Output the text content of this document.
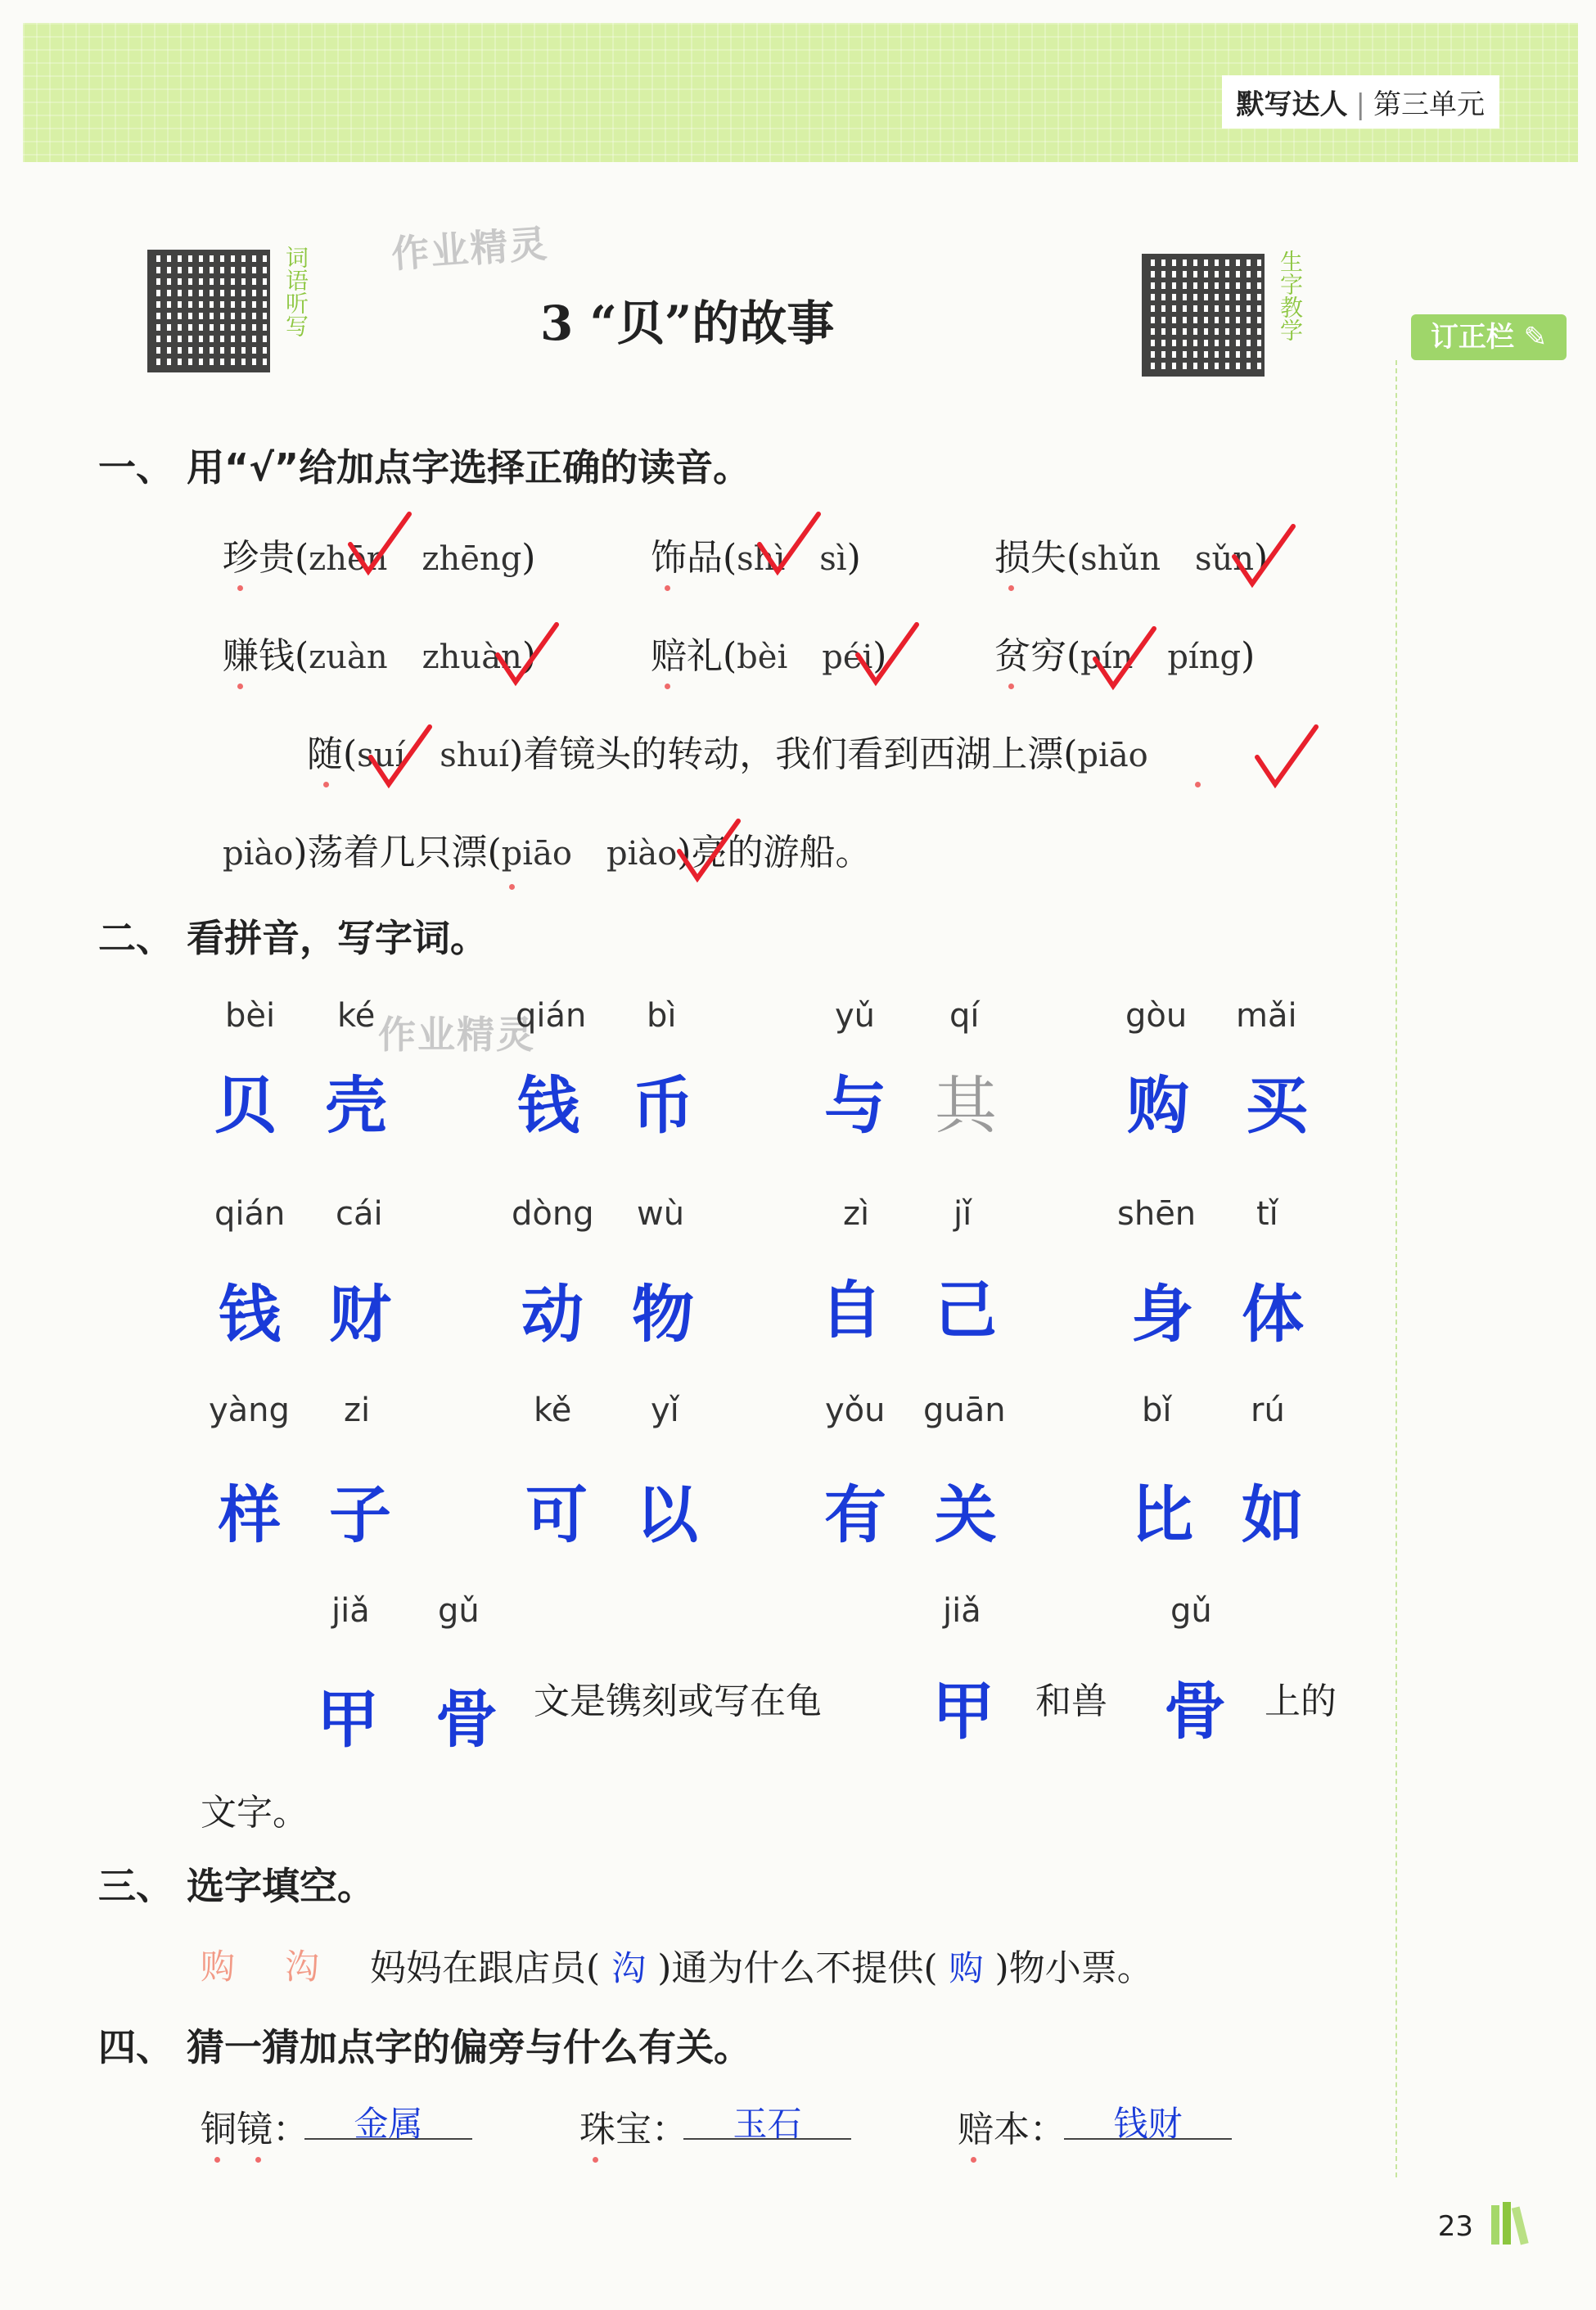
默写达人 | 第三单元
词语听写	生字教学
作业精灵
3 “贝”的故事	订正栏 ✎
一、 用“√”给加点字选择正确的读音。
珍贵(zhēn zhēng)	饰品(shì sì)	损失(shǔn sǔn)
赚钱(zuàn zhuàn)	赔礼(bèi péi)	贫穷(pín píng)
随(suí shuí)着镜头的转动，我们看到西湖上漂(piāo
piào)荡着几只漂(piāo piào)亮的游船。
二、 看拼音，写字词。
作业精灵
bèi ké
贝 壳
qián bì
钱 币
yǔ qí
与 其
gòu mǎi
购 买
qián cái
钱 财
dòng wù
动 物
zì	jǐ
自 己
shēn tǐ
身 体
yàng zi
样 子
kě yǐ
可 以
yǒu guān
有 关
bǐ rú
比 如
jiǎ gǔ	jiǎ	gǔ
甲 骨	文是镌刻或写在龟 甲	和兽 骨	上的
文字。
三、 选字填空。
购 沟 妈妈在跟店员( 沟 )通为什么不提供( 购 )物小票。
四、 猜一猜加点字的偏旁与什么有关。
铜镜：	金属	珠宝：	玉石	赔本：	钱财
23
